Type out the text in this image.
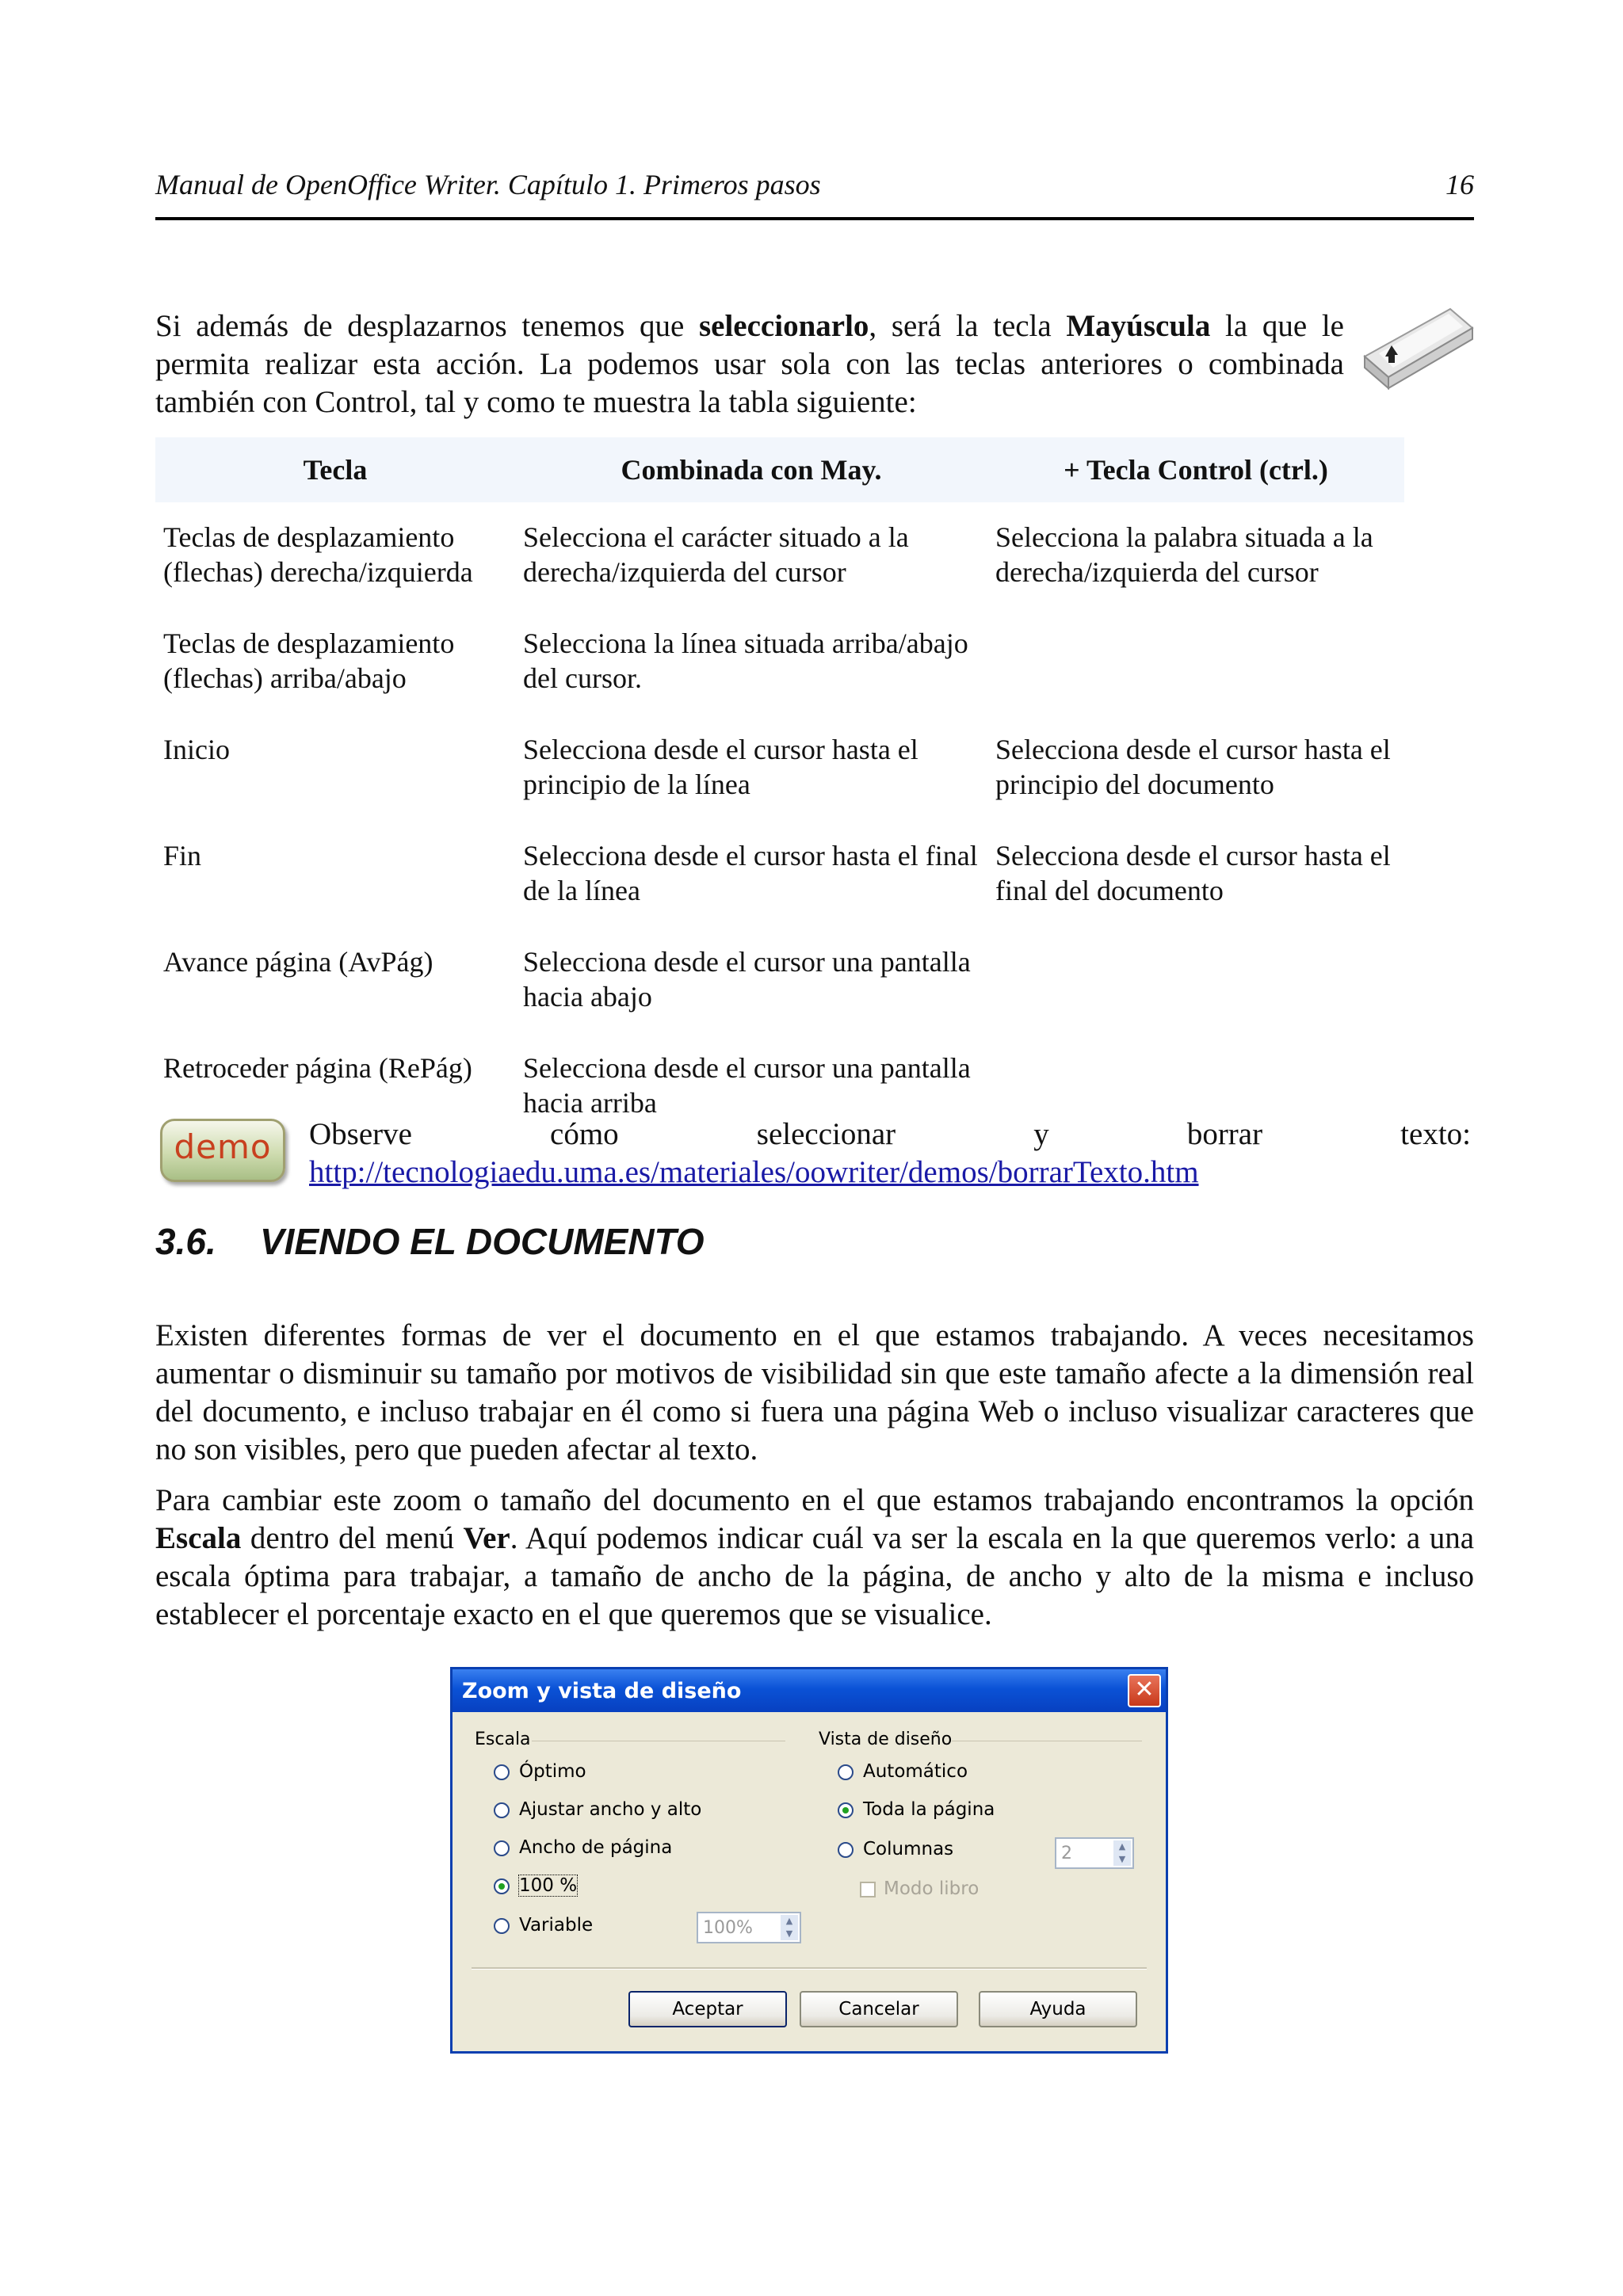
Manual de OpenOffice Writer. Capítulo 1. Primeros pasos	16
Si además de desplazarnos tenemos que seleccionarlo, será la tecla Mayúscula la que le permita realizar esta acción. La podemos usar sola con las teclas anteriores o combinada también con Control, tal y como te muestra la tabla siguiente:
Tecla	Combinada con May.	+ Tecla Control (ctrl.)
Teclas de desplazamiento (flechas) derecha/izquierda	Selecciona el carácter situado a la derecha/izquierda del cursor	Selecciona la palabra situada a la derecha/izquierda del cursor
Teclas de desplazamiento (flechas) arriba/abajo	Selecciona la línea situada arriba/abajo del cursor.	
Inicio	Selecciona desde el cursor hasta el principio de la línea	Selecciona desde el cursor hasta el principio del documento
Fin	Selecciona desde el cursor hasta el final de la línea	Selecciona desde el cursor hasta el final del documento
Avance página (AvPág)	Selecciona desde el cursor una pantalla hacia abajo	
Retroceder página (RePág)	Selecciona desde el cursor una pantalla hacia arriba	
demo	Observe cómo seleccionar y borrar texto:
http://tecnologiaedu.uma.es/materiales/oowriter/demos/borrarTexto.htm
3.6. VIENDO EL DOCUMENTO
Existen diferentes formas de ver el documento en el que estamos trabajando. A veces necesitamos aumentar o disminuir su tamaño por motivos de visibilidad sin que este tamaño afecte a la dimensión real del documento, e incluso trabajar en él como si fuera una página Web o incluso visualizar caracteres que no son visibles, pero que pueden afectar al texto.
Para cambiar este zoom o tamaño del documento en el que estamos trabajando encontramos la opción Escala dentro del menú Ver. Aquí podemos indicar cuál va ser la escala en la que queremos verlo: a una escala óptima para trabajar, a tamaño de ancho de la página, de ancho y alto de la misma e incluso establecer el porcentaje exacto en el que queremos que se visualice.
Zoom y vista de diseño	✕
Escala
Óptimo
Ajustar ancho y alto
Ancho de página
100 %
Variable	100%	▲
▼
Vista de diseño
Automático
Toda la página
Columnas	2	▲
▼
Modo libro
Aceptar	Cancelar	Ayuda
